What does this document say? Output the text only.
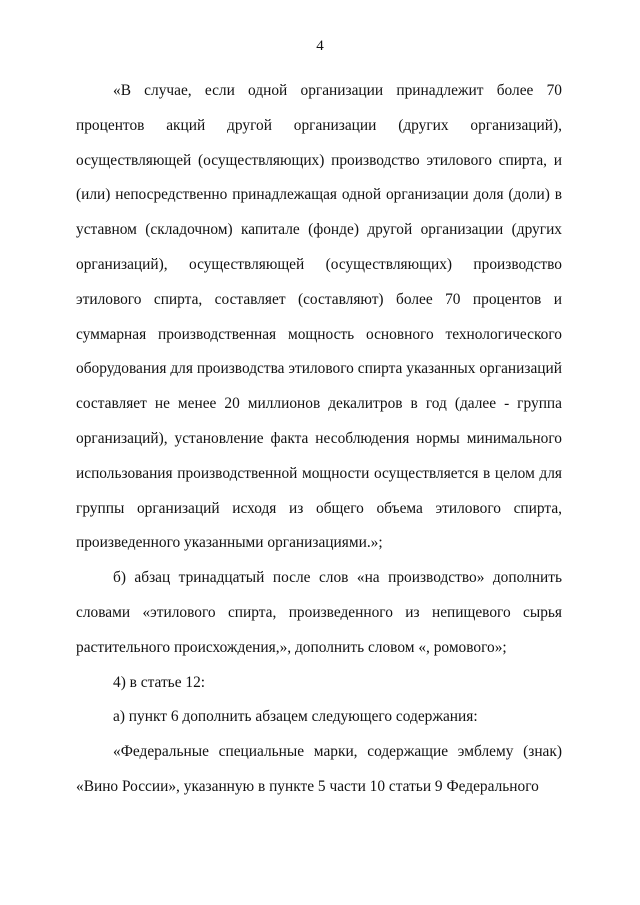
4

«В случае, если одной организации принадлежит более 70 процентов акций другой организации (других организаций), осуществляющей (осуществляющих) производство этилового спирта, и (или) непосредственно принадлежащая одной организации доля (доли) в уставном (складочном) капитале (фонде) другой организации (других организаций), осуществляющей (осуществляющих) производство этилового спирта, составляет (составляют) более 70 процентов и суммарная производственная мощность основного технологического оборудования для производства этилового спирта указанных организаций составляет не менее 20 миллионов декалитров в год (далее - группа организаций), установление факта несоблюдения нормы минимального использования производственной мощности осуществляется в целом для группы организаций исходя из общего объема этилового спирта, произведенного указанными организациями.»;

б) абзац тринадцатый после слов «на производство» дополнить словами «этилового спирта, произведенного из непищевого сырья растительного происхождения,», дополнить словом «, ромового»;

4) в статье 12:

а) пункт 6 дополнить абзацем следующего содержания:

«Федеральные специальные марки, содержащие эмблему (знак) «Вино России», указанную в пункте 5 части 10 статьи 9 Федерального
